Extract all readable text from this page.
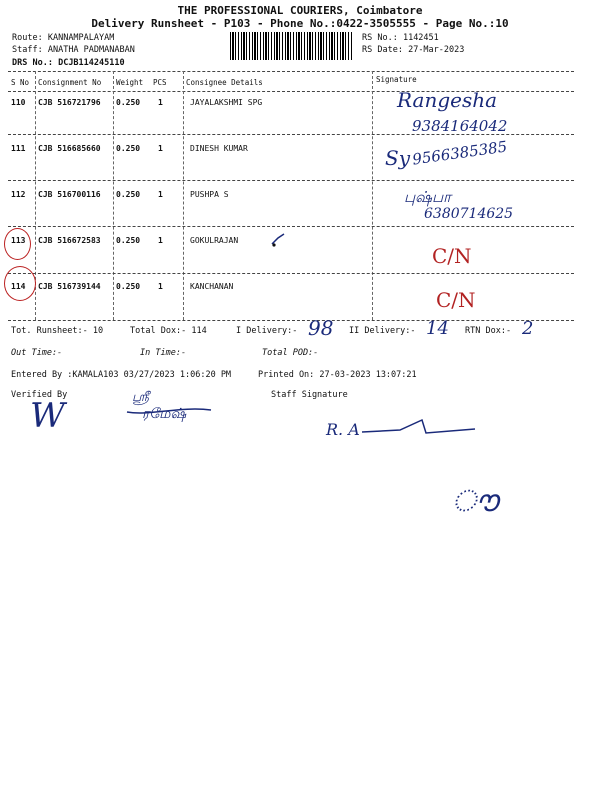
THE PROFESSIONAL COURIERS, Coimbatore
Delivery Runsheet - P103 - Phone No.:0422-3505555 - Page No.:10
Route: KANNAMPALAYAM
Staff: ANATHA PADMANABAN
DRS No.: DCJB114245110
RS No.: 1142451
RS Date: 27-Mar-2023
S No Consignment No Weight PCS	Consignee Details	Signature
110 CJB 516721796 0.250 1	JAYALAKSHMI SPG	Rangesha
9384164042
111 CJB 516685660 0.250 1	DINESH KUMAR	Sy 9566385385
112 CJB 516700116 0.250 1	PUSHPA S	புஷ்பா
6380714625
113 CJB 516672583 0.250 1	GOKULRAJAN
C/N
114 CJB 516739144 0.250 1	KANCHANAN
C/N
Tot. Runsheet:- 10	Total Dox:- 114	I Delivery:- 98 II Delivery:- 14 RTN Dox:- 2
Out Time:-	In Time:-	Total POD:-
Entered By :KAMALA103 03/27/2023 1:06:20 PM	Printed On: 27-03-2023 13:07:21
Verified By	Staff Signature
W	ஸ்ரீ
ரமேஷ்
R. A
ൗ
